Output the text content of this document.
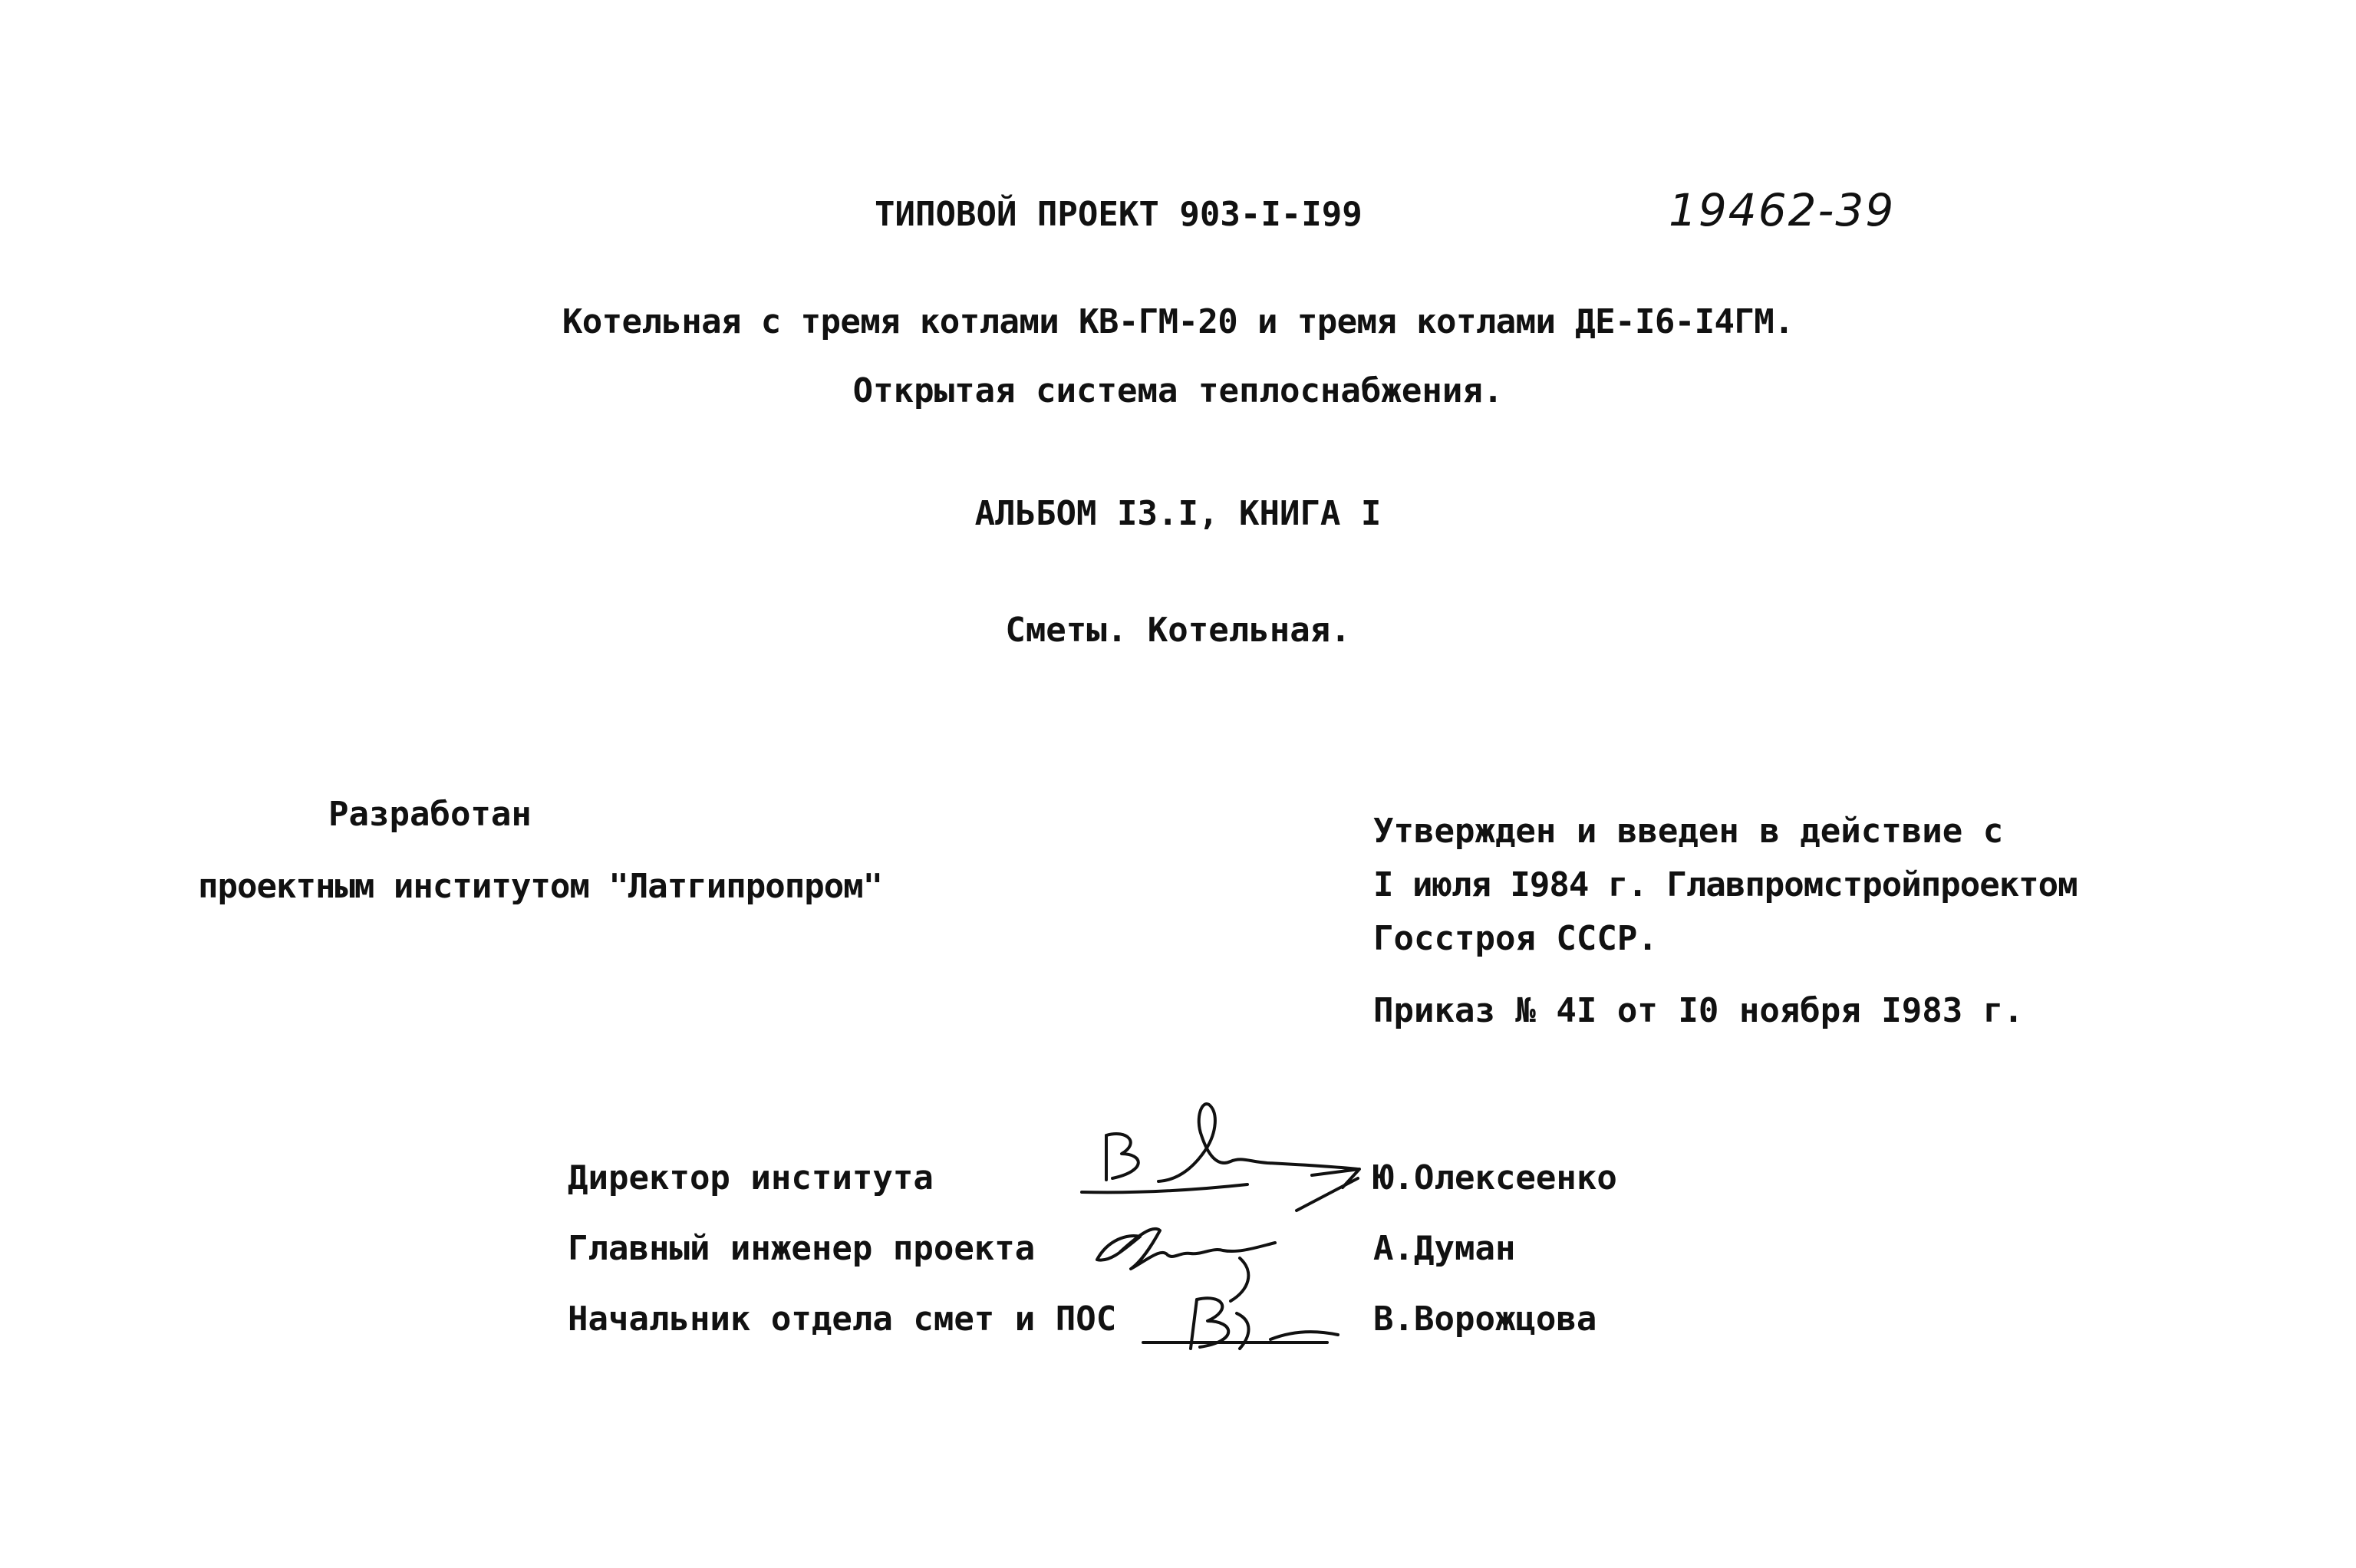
ТИПОВОЙ ПРОЕКТ 903-I-I99	19462-39
Котельная с тремя котлами КВ-ГМ-20 и тремя котлами ДЕ-I6-I4ГМ.
Открытая система теплоснабжения.
АЛЬБОМ I3.I, КНИГА I
Сметы. Котельная.
Разработан
проектным институтом "Латгипропром"
Утвержден и введен в действие с
I июля I984 г. Главпромстройпроектом
Госстроя СССР.
Приказ № 4I от I0 ноября I983 г.
Директор института
Главный инженер проекта
Начальник отдела смет и ПОС
Ю.Олексеенко
А.Думан
В.Ворожцова
